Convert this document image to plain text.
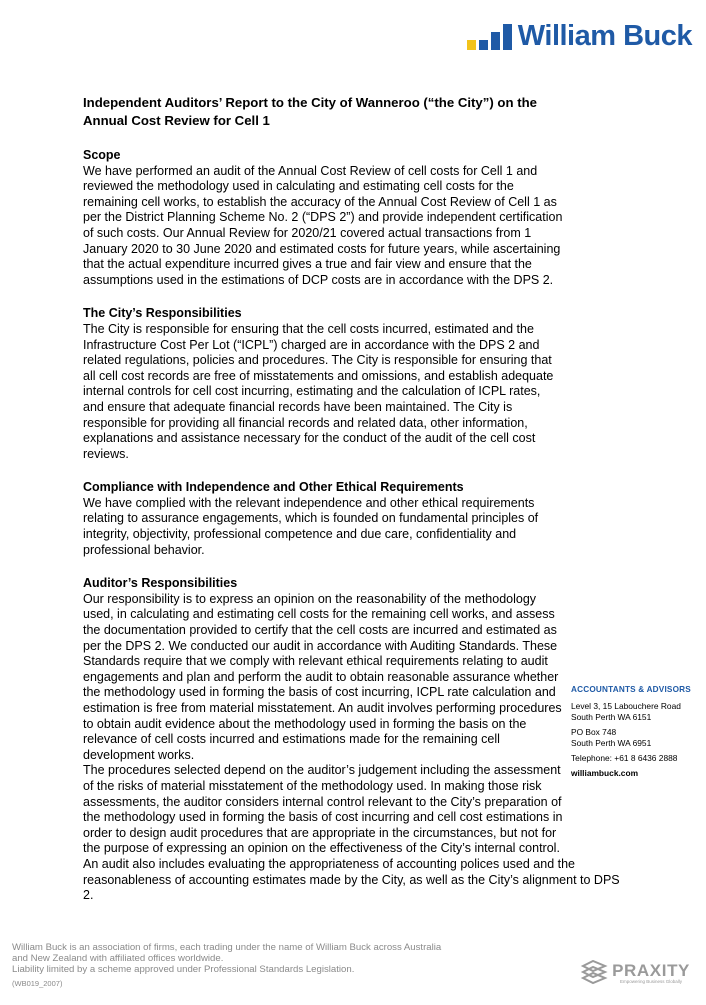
William Buck
Independent Auditors’ Report to the City of Wanneroo (“the City”) on the
Annual Cost Review for Cell 1
Scope

We have performed an audit of the Annual Cost Review of cell costs for Cell 1 and reviewed the methodology used in calculating and estimating cell costs for the remaining cell works, to establish the accuracy of the Annual Cost Review of Cell 1 as per the District Planning Scheme No. 2 (“DPS 2”) and provide independent certification of such costs. Our Annual Review for 2020/21 covered actual transactions from 1 January 2020 to 30 June 2020 and estimated costs for future years, while ascertaining that the actual expenditure incurred gives a true and fair view and ensure that the assumptions used in the estimations of DCP costs are in accordance with the DPS 2.

The City’s Responsibilities

The City is responsible for ensuring that the cell costs incurred, estimated and the Infrastructure Cost Per Lot (“ICPL”) charged are in accordance with the DPS 2 and related regulations, policies and procedures. The City is responsible for ensuring that all cell cost records are free of misstatements and omissions, and establish adequate internal controls for cell cost incurring, estimating and the calculation of ICPL rates, and ensure that adequate financial records have been maintained. The City is responsible for providing all financial records and related data, other information, explanations and assistance necessary for the conduct of the audit of the cell cost reviews.

Compliance with Independence and Other Ethical Requirements

We have complied with the relevant independence and other ethical requirements relating to assurance engagements, which is founded on fundamental principles of integrity, objectivity, professional competence and due care, confidentiality and professional behavior.

Auditor’s Responsibilities

Our responsibility is to express an opinion on the reasonability of the methodology used, in calculating and estimating cell costs for the remaining cell works, and assess the documentation provided to certify that the cell costs are incurred and estimated as per the DPS 2. We conducted our audit in accordance with Auditing Standards. These Standards require that we comply with relevant ethical requirements relating to audit engagements and plan and perform the audit to obtain reasonable assurance whether the methodology used in forming the basis of cost incurring, ICPL rate calculation and estimation is free from material misstatement. An audit involves performing procedures to obtain audit evidence about the methodology used in forming the basis on the relevance of cell costs incurred and estimations made for the remaining cell development works.

The procedures selected depend on the auditor’s judgement including the assessment of the risks of material misstatement of the methodology used. In making those risk assessments, the auditor considers internal control relevant to the City’s preparation of the methodology used in forming the basis of cost incurring and cell cost estimations in order to design audit procedures that are appropriate in the circumstances, but not for the purpose of expressing an opinion on the effectiveness of the City’s internal control.

An audit also includes evaluating the appropriateness of accounting polices used and the reasonableness of accounting estimates made by the City, as well as the City’s alignment to DPS 2.

ACCOUNTANTS & ADVISORS
Level 3, 15 Labouchere Road
South Perth WA 6151
PO Box 748
South Perth WA 6951
Telephone: +61 8 6436 2888
williambuck.com
William Buck is an association of firms, each trading under the name of William Buck across Australia
and New Zealand with affiliated offices worldwide.
Liability limited by a scheme approved under Professional Standards Legislation.
(WB019_2007)
PRAXITY
Empowering Business Globally
